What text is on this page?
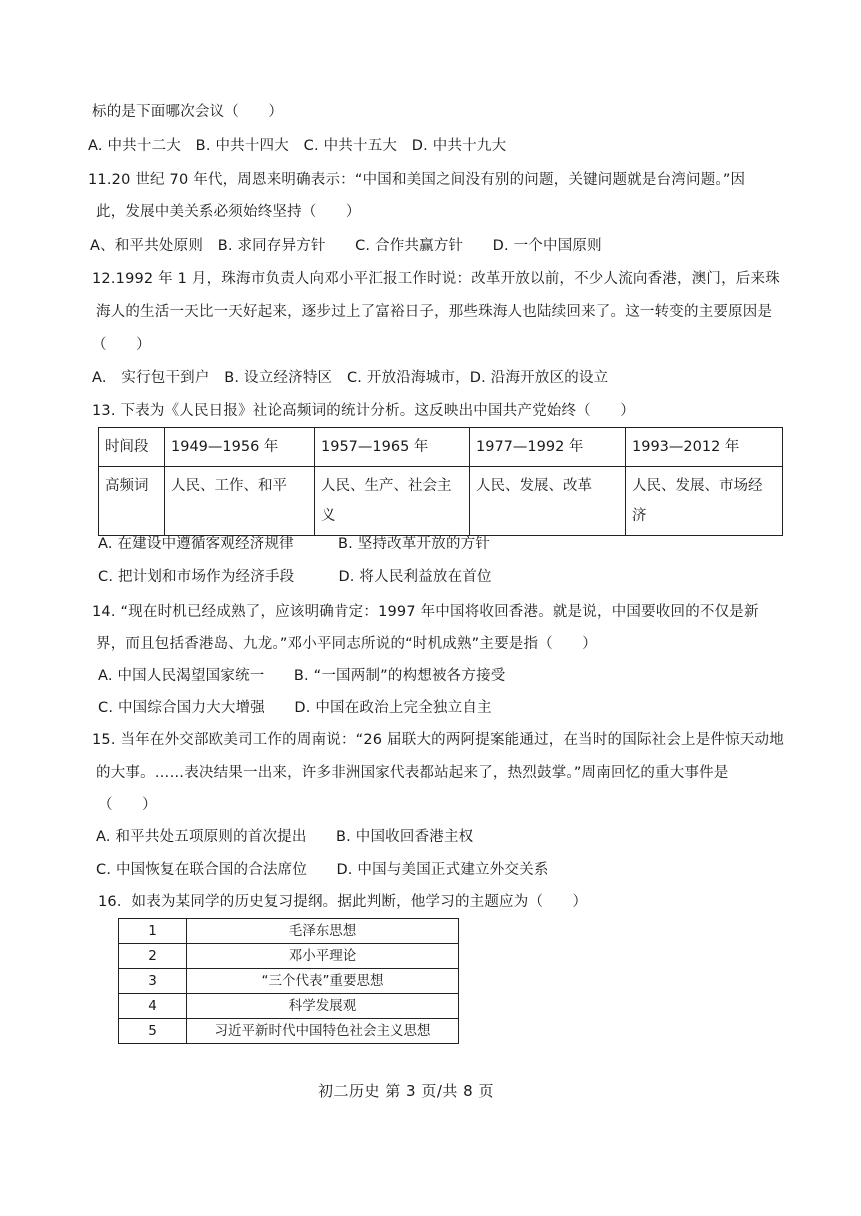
标的是下面哪次会议（　　）
A. 中共十二大　B. 中共十四大　C. 中共十五大　D. 中共十九大
11.20 世纪 70 年代，周恩来明确表示：“中国和美国之间没有别的问题，关键问题就是台湾问题。”因
此，发展中美关系必须始终坚持（　　）
A、和平共处原则　B. 求同存异方针　　C. 合作共赢方针　　D. 一个中国原则
12.1992 年 1 月，珠海市负责人向邓小平汇报工作时说：改革开放以前，不少人流向香港，澳门，后来珠
海人的生活一天比一天好起来，逐步过上了富裕日子，那些珠海人也陆续回来了。这一转变的主要原因是
（　　）
A.　实行包干到户　B. 设立经济特区　C. 开放沿海城市，D. 沿海开放区的设立
13. 下表为《人民日报》社论高频词的统计分析。这反映出中国共产党始终（　　）
时间段	1949—1956 年	1957—1965 年	1977—1992 年	1993—2012 年
高频词	人民、工作、和平	人民、生产、社会主义	人民、发展、改革	人民、发展、市场经济
A. 在建设中遵循客观经济规律　　　B. 坚持改革开放的方针
C. 把计划和市场作为经济手段　　　D. 将人民利益放在首位
14. “现在时机已经成熟了，应该明确肯定：1997 年中国将收回香港。就是说，中国要收回的不仅是新
界，而且包括香港岛、九龙。”邓小平同志所说的“时机成熟”主要是指（　　）
A. 中国人民渴望国家统一　　B. “一国两制”的构想被各方接受
C. 中国综合国力大大增强　　D. 中国在政治上完全独立自主
15. 当年在外交部欧美司工作的周南说：“26 届联大的两阿提案能通过，在当时的国际社会上是件惊天动地
的大事。……表决结果一出来，许多非洲国家代表都站起来了，热烈鼓掌。”周南回忆的重大事件是
（　　）
A. 和平共处五项原则的首次提出　　B. 中国收回香港主权
C. 中国恢复在联合国的合法席位　　D. 中国与美国正式建立外交关系
16．如表为某同学的历史复习提纲。据此判断，他学习的主题应为（　　）
1	毛泽东思想
2	邓小平理论
3	“三个代表”重要思想
4	科学发展观
5	习近平新时代中国特色社会主义思想
初二历史 第 3 页/共 8 页
